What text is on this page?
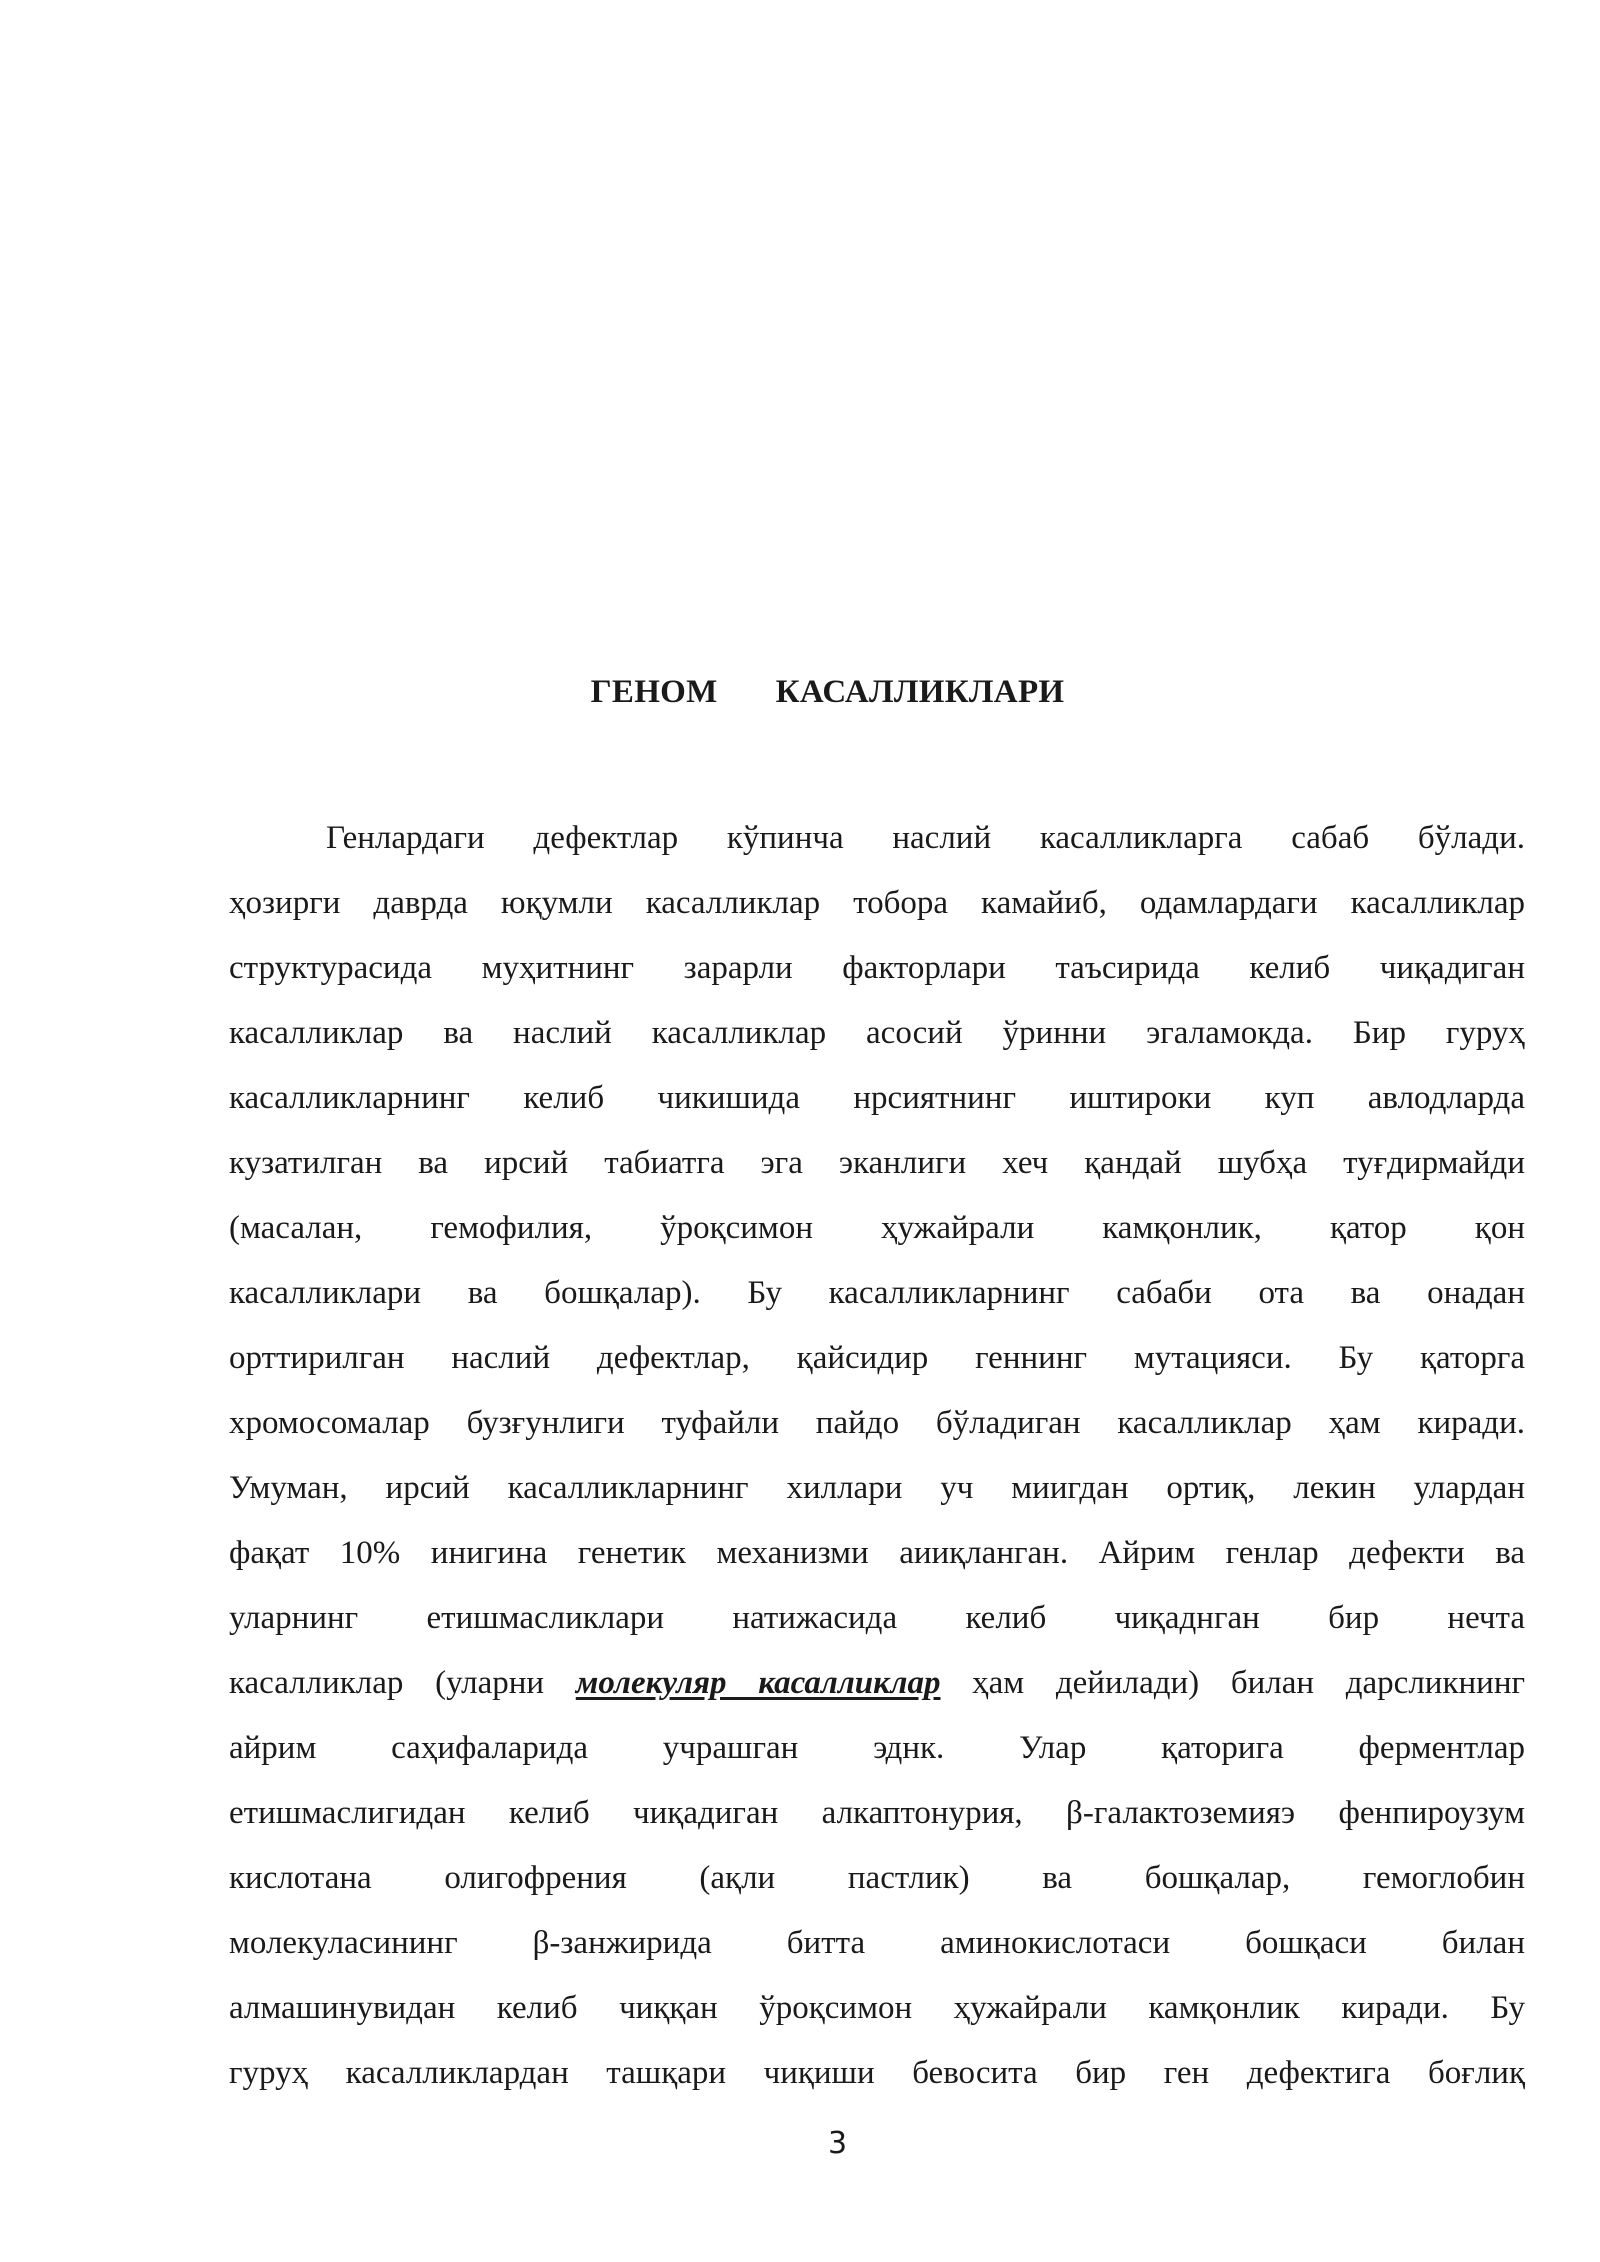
ГЕНОМ КАСАЛЛИКЛАРИ
Генлардаги дефектлар кўпинча наслий касалликларга сабаб бўлади.
ҳозирги даврда юқумли касалликлар тобора камайиб, одамлардаги касалликлар
структурасида муҳитнинг зарарли факторлари таъсирида келиб чиқадиган
касалликлар ва наслий касалликлар асосий ўринни эгаламокда. Бир гуруҳ
касалликларнинг келиб чикишида нрсиятнинг иштироки куп авлодларда
кузатилган ва ирсий табиатга эга эканлиги хеч қандай шубҳа туғдирмайди
(масалан, гемофилия, ўроқсимон ҳужайрали камқонлик, қатор қон
касалликлари ва бошқалар). Бу касалликларнинг сабаби ота ва онадан
орттирилган наслий дефектлар, қайсидир геннинг мутацияси. Бу қаторга
хромосомалар бузғунлиги туфайли пайдо бўладиган касалликлар ҳам киради.
Умуман, ирсий касалликларнинг хиллари уч миигдан ортиқ, лекин улардан
фақат 10% инигина генетик механизми аииқланган. Айрим генлар дефекти ва
уларнинг етишмасликлари натижасида келиб чиқаднган бир нечта
касалликлар (уларни молекуляр касалликлар ҳам дейилади) билан дарсликнинг
айрим саҳифаларида учрашган эднк. Улар қаторига ферментлар
етишмаслигидан келиб чиқадиган алкаптонурия, β-галактоземияэ фенпироузум
кислотана олигофрения (ақли пастлик) ва бошқалар, гемоглобин
молекуласининг β-занжирида битта аминокислотаси бошқаси билан
алмашинувидан келиб чиққан ўроқсимон ҳужайрали камқонлик киради. Бу
гуруҳ касалликлардан ташқари чиқиши бевосита бир ген дефектига боғлиқ
3
